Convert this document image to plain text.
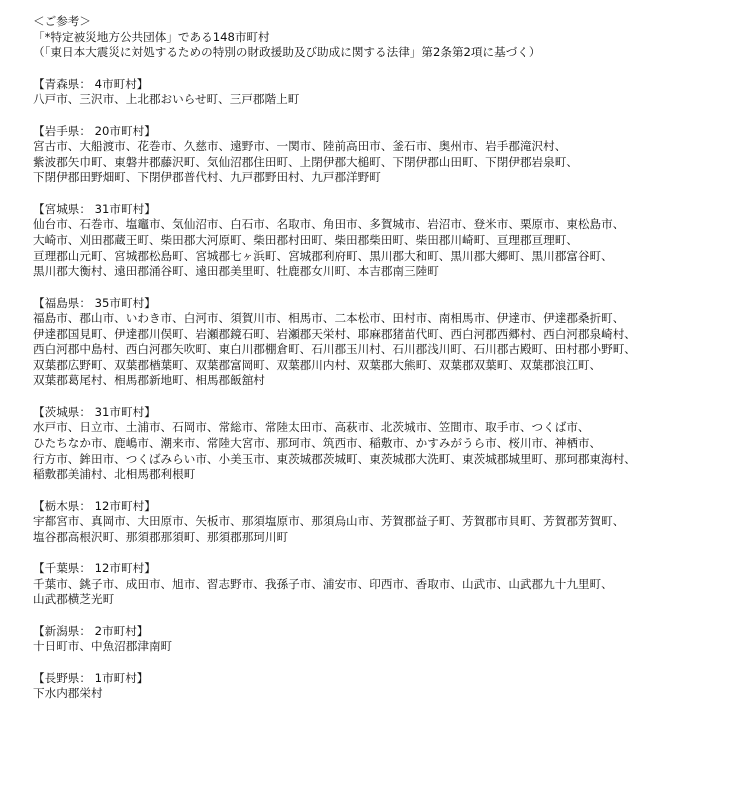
＜ご参考＞
「*特定被災地方公共団体」である148市町村
（「東日本大震災に対処するための特別の財政援助及び助成に関する法律」第2条第2項に基づく）
【青森県： 4市町村】
八戸市、三沢市、上北郡おいらせ町、三戸郡階上町
【岩手県： 20市町村】
宮古市、大船渡市、花巻市、久慈市、遠野市、一関市、陸前高田市、釜石市、奥州市、岩手郡滝沢村、
紫波郡矢巾町、東磐井郡藤沢町、気仙沼郡住田町、上閉伊郡大槌町、下閉伊郡山田町、下閉伊郡岩泉町、
下閉伊郡田野畑町、下閉伊郡普代村、九戸郡野田村、九戸郡洋野町
【宮城県： 31市町村】
仙台市、石巻市、塩竈市、気仙沼市、白石市、名取市、角田市、多賀城市、岩沼市、登米市、栗原市、東松島市、
大崎市、刈田郡蔵王町、柴田郡大河原町、柴田郡村田町、柴田郡柴田町、柴田郡川崎町、亘理郡亘理町、
亘理郡山元町、宮城郡松島町、宮城郡七ヶ浜町、宮城郡利府町、黒川郡大和町、黒川郡大郷町、黒川郡富谷町、
黒川郡大衡村、遠田郡涌谷町、遠田郡美里町、牡鹿郡女川町、本吉郡南三陸町
【福島県： 35市町村】
福島市、郡山市、いわき市、白河市、須賀川市、相馬市、二本松市、田村市、南相馬市、伊達市、伊達郡桑折町、
伊達郡国見町、伊達郡川俣町、岩瀬郡鏡石町、岩瀬郡天栄村、耶麻郡猪苗代町、西白河郡西郷村、西白河郡泉崎村、
西白河郡中島村、西白河郡矢吹町、東白川郡棚倉町、石川郡玉川村、石川郡浅川町、石川郡古殿町、田村郡小野町、
双葉郡広野町、双葉郡楢葉町、双葉郡富岡町、双葉郡川内村、双葉郡大熊町、双葉郡双葉町、双葉郡浪江町、
双葉郡葛尾村、相馬郡新地町、相馬郡飯舘村
【茨城県： 31市町村】
水戸市、日立市、土浦市、石岡市、常総市、常陸太田市、高萩市、北茨城市、笠間市、取手市、つくば市、
ひたちなか市、鹿嶋市、潮来市、常陸大宮市、那珂市、筑西市、稲敷市、かすみがうら市、桜川市、神栖市、
行方市、鉾田市、つくばみらい市、小美玉市、東茨城郡茨城町、東茨城郡大洗町、東茨城郡城里町、那珂郡東海村、
稲敷郡美浦村、北相馬郡利根町
【栃木県： 12市町村】
宇都宮市、真岡市、大田原市、矢板市、那須塩原市、那須烏山市、芳賀郡益子町、芳賀郡市貝町、芳賀郡芳賀町、
塩谷郡高根沢町、那須郡那須町、那須郡那珂川町
【千葉県： 12市町村】
千葉市、銚子市、成田市、旭市、習志野市、我孫子市、浦安市、印西市、香取市、山武市、山武郡九十九里町、
山武郡横芝光町
【新潟県： 2市町村】
十日町市、中魚沼郡津南町
【長野県： 1市町村】
下水内郡栄村
